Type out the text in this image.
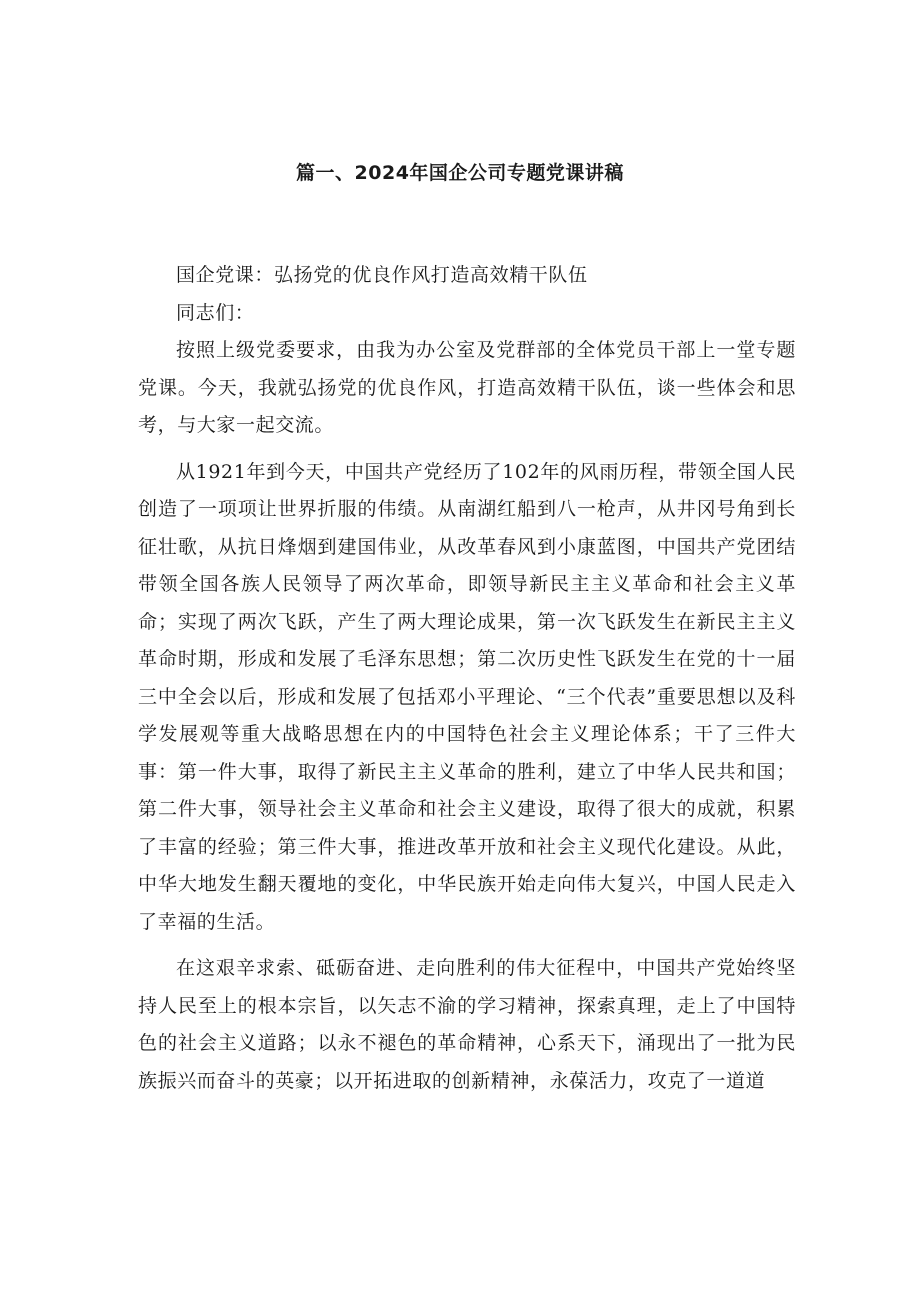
篇一、2024年国企公司专题党课讲稿

国企党课：弘扬党的优良作风打造高效精干队伍

同志们：

按照上级党委要求，由我为办公室及党群部的全体党员干部上一堂专题党课。今天，我就弘扬党的优良作风，打造高效精干队伍，谈一些体会和思考，与大家一起交流。

从1921年到今天，中国共产党经历了102年的风雨历程，带领全国人民创造了一项项让世界折服的伟绩。从南湖红船到八一枪声，从井冈号角到长征壮歌，从抗日烽烟到建国伟业，从改革春风到小康蓝图，中国共产党团结带领全国各族人民领导了两次革命，即领导新民主主义革命和社会主义革命；实现了两次飞跃，产生了两大理论成果，第一次飞跃发生在新民主主义革命时期，形成和发展了毛泽东思想；第二次历史性飞跃发生在党的十一届三中全会以后，形成和发展了包括邓小平理论、“三个代表”重要思想以及科学发展观等重大战略思想在内的中国特色社会主义理论体系；干了三件大事：第一件大事，取得了新民主主义革命的胜利，建立了中华人民共和国；第二件大事，领导社会主义革命和社会主义建设，取得了很大的成就，积累了丰富的经验；第三件大事，推进改革开放和社会主义现代化建设。从此，中华大地发生翻天覆地的变化，中华民族开始走向伟大复兴，中国人民走入了幸福的生活。

在这艰辛求索、砥砺奋进、走向胜利的伟大征程中，中国共产党始终坚持人民至上的根本宗旨，以矢志不渝的学习精神，探索真理，走上了中国特色的社会主义道路；以永不褪色的革命精神，心系天下，涌现出了一批为民族振兴而奋斗的英豪；以开拓进取的创新精神，永葆活力，攻克了一道道
